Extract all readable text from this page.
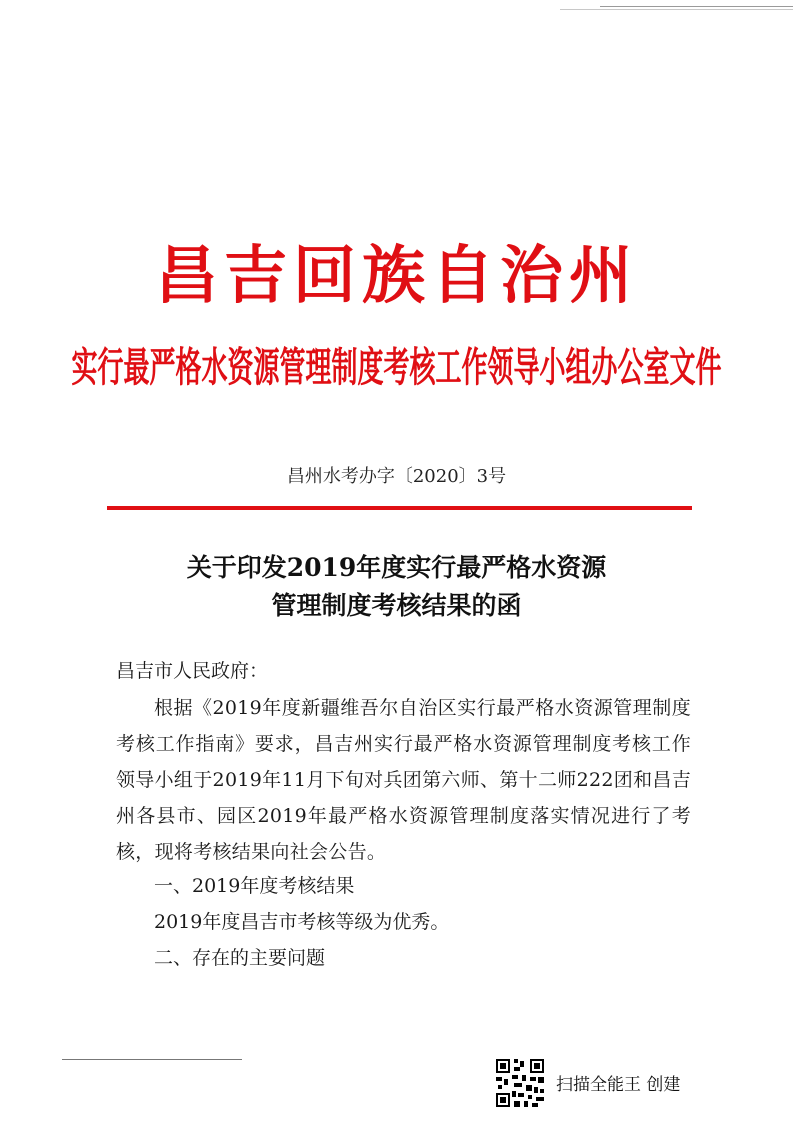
昌吉回族自治州
实行最严格水资源管理制度考核工作领导小组办公室文件
昌州水考办字〔2020〕3号
关于印发2019年度实行最严格水资源
管理制度考核结果的函
昌吉市人民政府：
根据《2019年度新疆维吾尔自治区实行最严格水资源管理制度考核工作指南》要求，昌吉州实行最严格水资源管理制度考核工作领导小组于2019年11月下旬对兵团第六师、第十二师222团和昌吉州各县市、园区2019年最严格水资源管理制度落实情况进行了考核，现将考核结果向社会公告。
一、2019年度考核结果
2019年度昌吉市考核等级为优秀。
二、存在的主要问题
扫描全能王 创建
